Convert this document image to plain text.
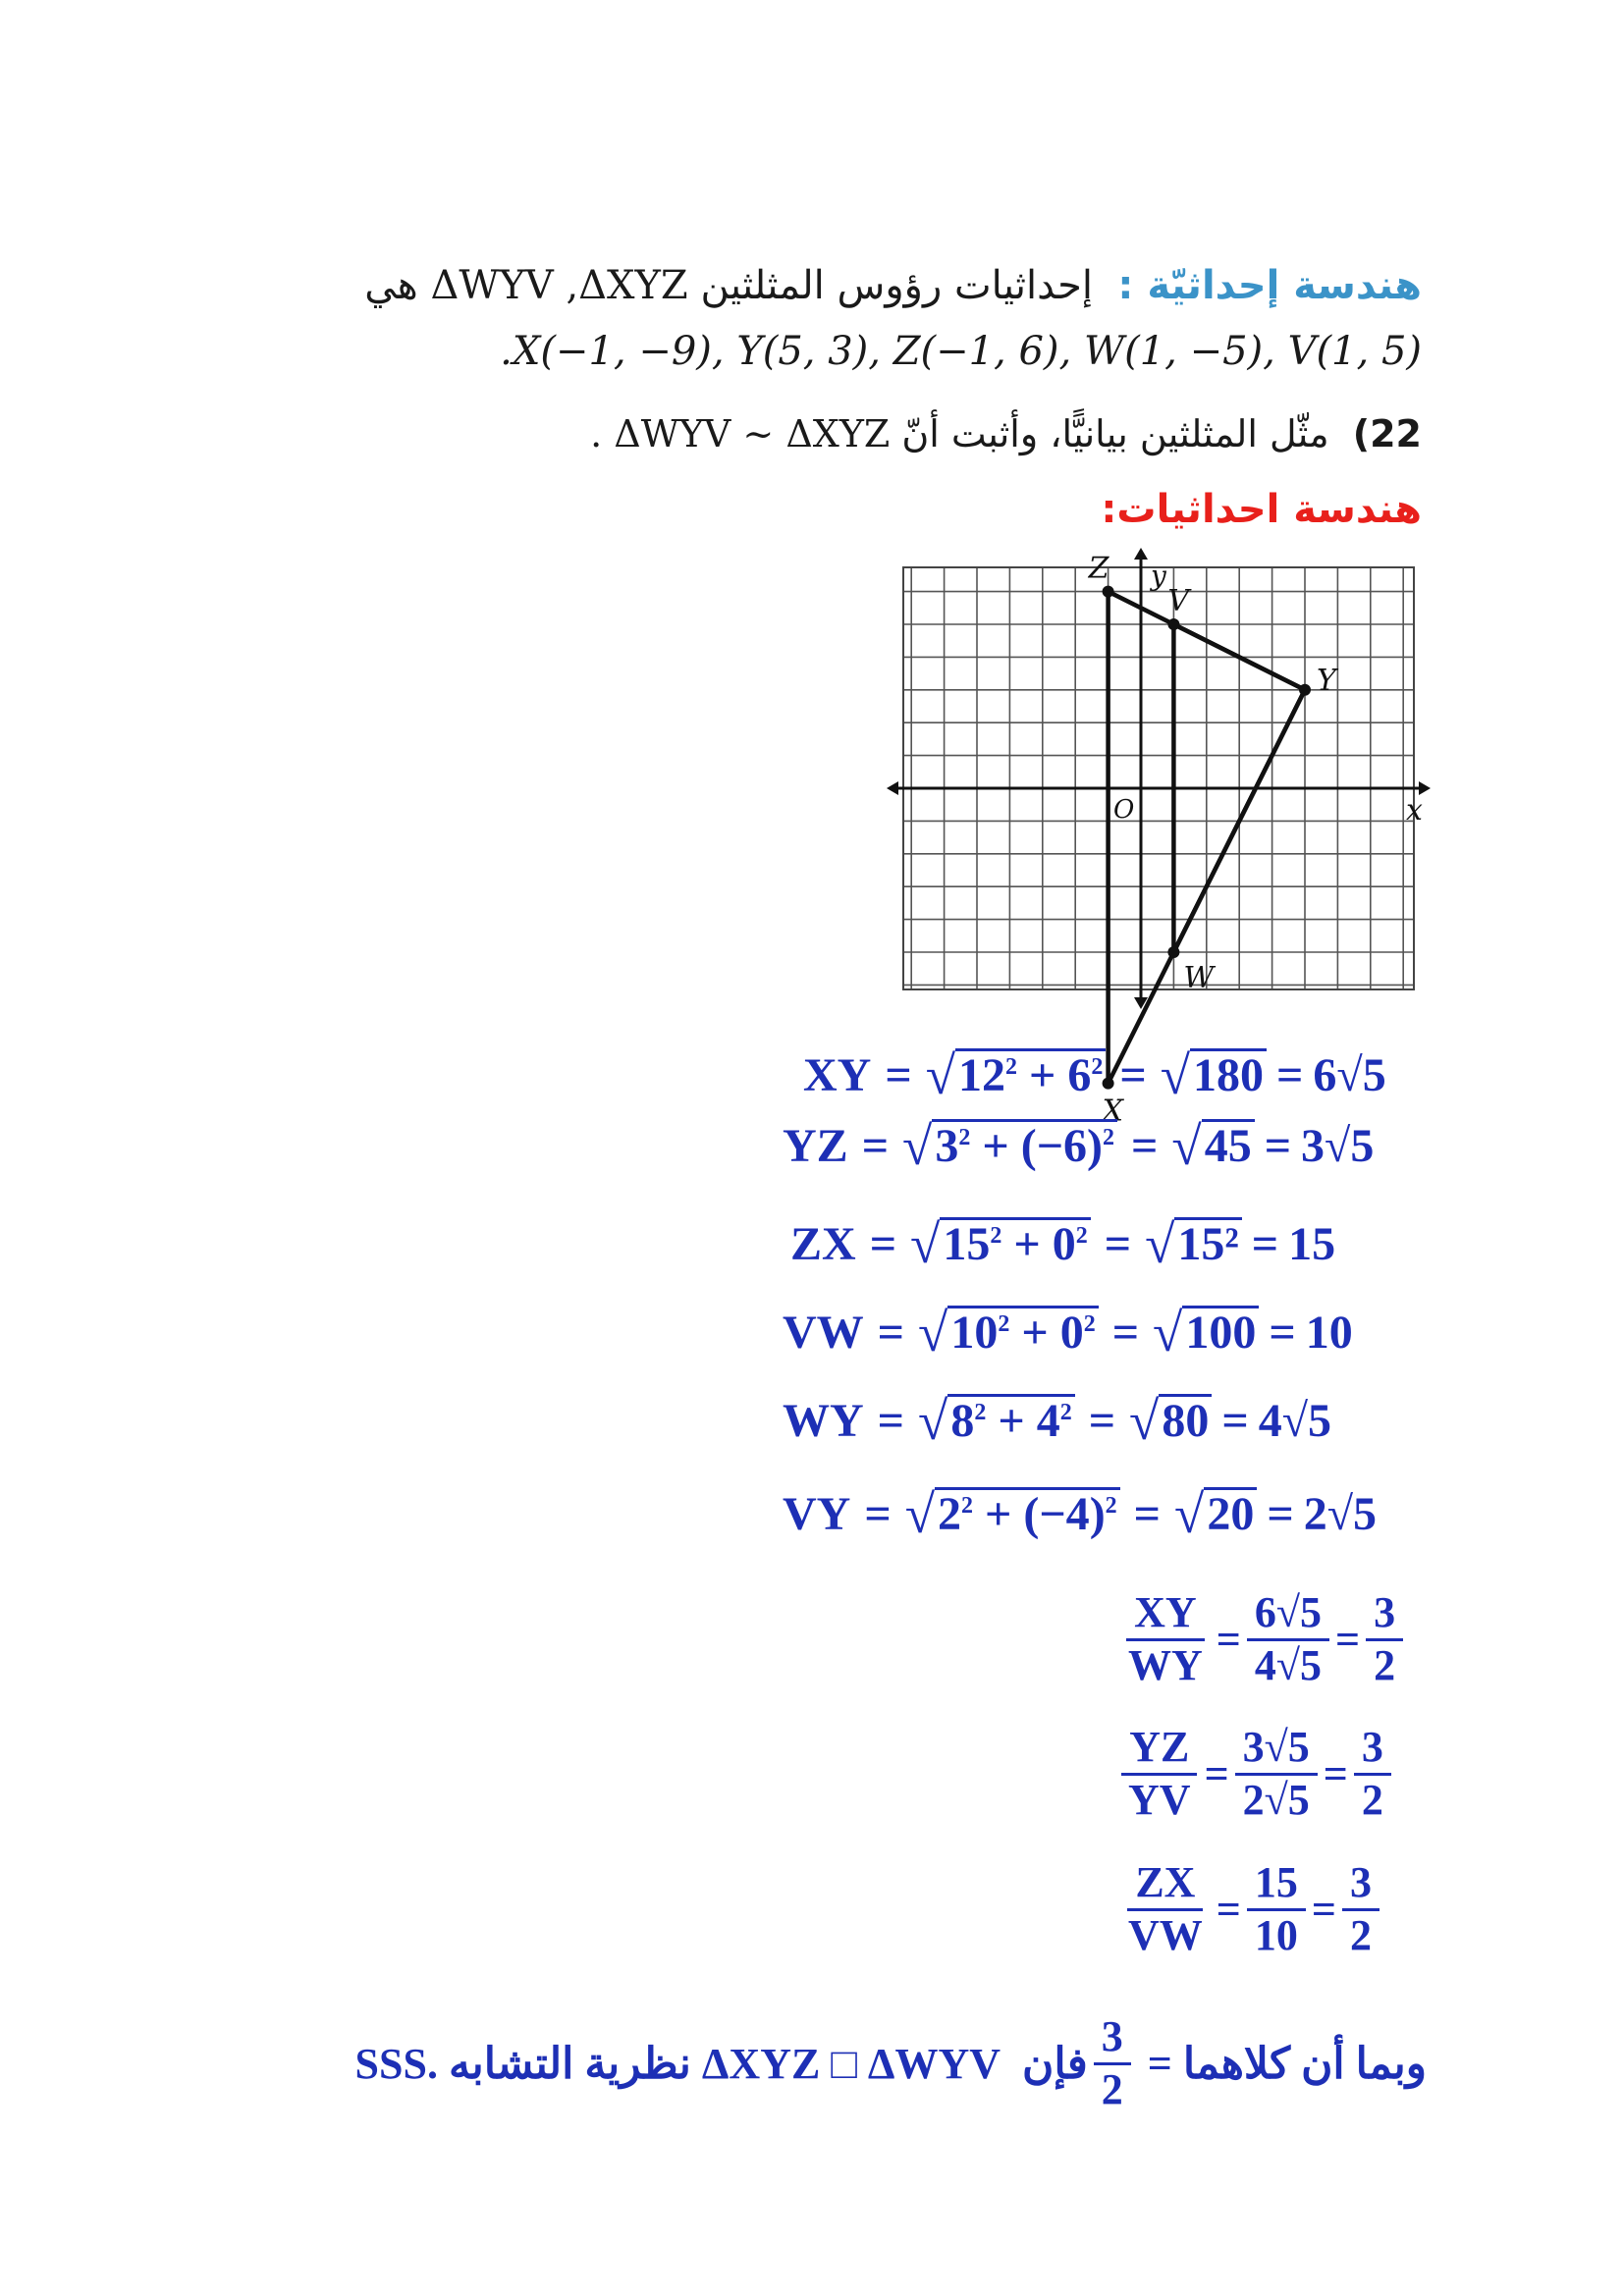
هندسة إحداثيّة :  إحداثيات رؤوس المثلثين ΔWYV ,ΔXYZ هي
.X(−1, −9), Y(5, 3), Z(−1, 6), W(1, −5), V(1, 5)
22)  مثّل المثلثين بيانيًّا، وأثبت أنّ ΔWYV ~ ΔXYZ .
هندسة احداثيات:
X
Y
Z
W
V
x
y
O
XY = √ $12^2 + 6^2$ = √ 180 = 6√5
YZ = √ $3^2 + (-6)^2$ = √ 45 = 3√5
ZX = √ $15^2 + 0^2$ = √ 15² = 15
VW = √ $10^2 + 0^2$ = √ 100 = 10
WY = √ $8^2 + 4^2$ = √ 80 = 4√5
VY = √ $2^2 + (-4)^2$ = √ 20 = 2√5
$\frac{XY}{WY} = \frac{6√5}{4√5} = \frac{3}{2}$
$\frac{YZ}{YV} = \frac{3√5}{2√5} = \frac{3}{2}$
$\frac{ZX}{VW} = \frac{15}{10} = \frac{3}{2}$
وبما أن كلاهما

=

$\frac{3}{2}$
فإن

ΔXYZ □ ΔWYV

نظرية التشابه

SSS.
